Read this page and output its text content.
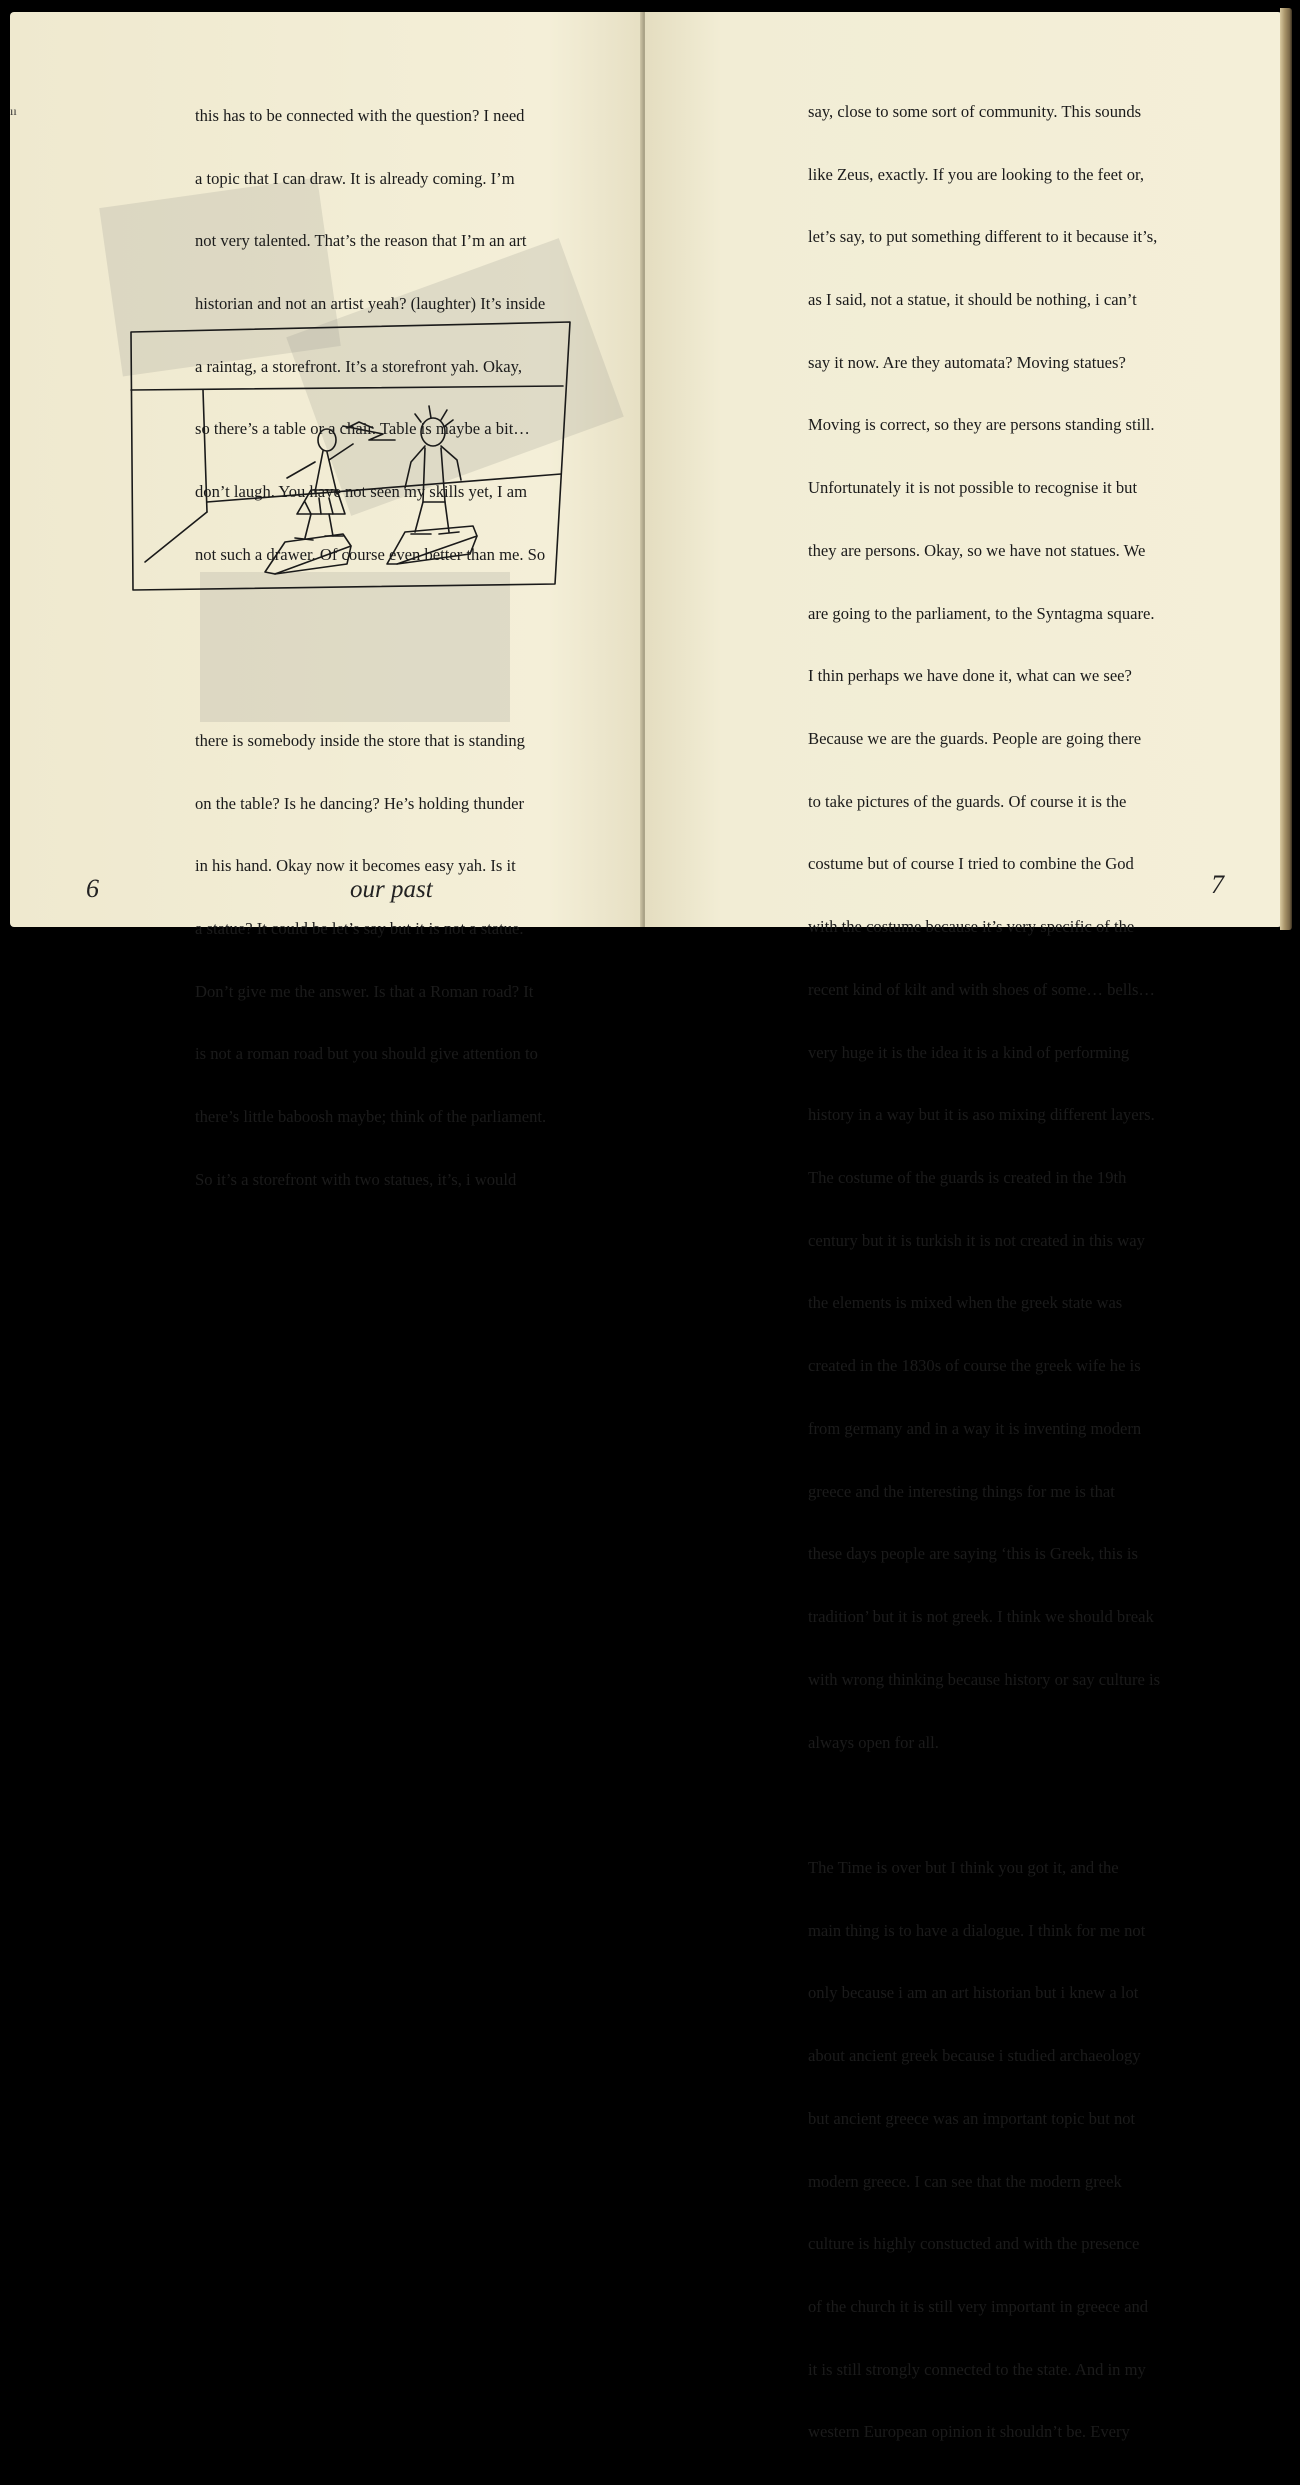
ıı

	this has to be connected with the question? I need

a topic that I can draw. It is already coming. I’m

not very talented. That’s the reason that I’m an art

historian and not an artist yeah? (laughter) It’s inside

a raintag, a storefront. It’s a storefront yah. Okay,

so there’s a table or a chair. Table is maybe a bit…

don’t laugh. You have not seen my skills yet, I am

not such a drawer. Of course even better than me. So

there is somebody inside the store that is standing

on the table? Is he dancing? He’s holding thunder

in his hand. Okay now it becomes easy yah. Is it

a statue? It could be let’s say but it is not a statue.

Don’t give me the answer. Is that a Roman road? It

is not a roman road but you should give attention to

there’s little baboosh maybe; think of the parliament.

So it’s a storefront with two statues, it’s, i would

6	our past

say, close to some sort of community. This sounds

like Zeus, exactly. If you are looking to the feet or,

let’s say, to put something different to it because it’s,

as I said, not a statue, it should be nothing, i can’t

say it now. Are they automata? Moving statues?

Moving is correct, so they are persons standing still.

Unfortunately it is not possible to recognise it but

they are persons. Okay, so we have not statues. We

are going to the parliament, to the Syntagma square.

I thin perhaps we have done it, what can we see?

Because we are the guards. People are going there

to take pictures of the guards. Of course it is the

costume but of course I tried to combine the God

with the costume because it’s very specific of the

recent kind of kilt and with shoes of some… bells…

very huge it is the idea it is a kind of performing

history in a way but it is aso mixing different layers.

The costume of the guards is created in the 19th

century but it is turkish it is not created in this way

the elements is mixed when the greek state was

created in the 1830s of course the greek wife he is

from germany and in a way it is inventing modern

greece and the interesting things for me is that

these days people are saying ‘this is Greek, this is

tradition’ but it is not greek. I think we should break

with wrong thinking because history or say culture is

always open for all.

The Time is over but I think you got it, and the

main thing is to have a dialogue. I think for me not

only because i am an art historian but i knew a lot

about ancient greek because i studied archaeology

but ancient greece was an important topic but not

modern greece. I can see that the modern greek

culture is highly constucted and with the presence

of the church it is still very important in greece and

it is still strongly connected to the state. And in my

western European opinion it shouldn’t be. Every

7
